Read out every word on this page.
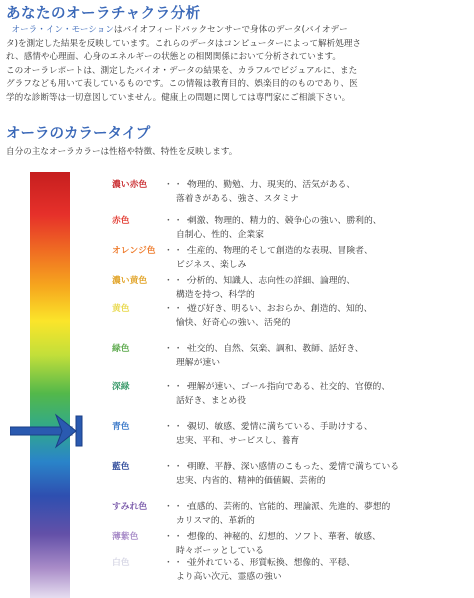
あなたのオーラチャクラ分析

オーラ・イン・モーションはバイオフィードバックセンサーで身体のデータ(バイオデー

タ)を測定した結果を反映しています。これらのデータはコンピューターによって解析処理さ

れ、感情や心理面、心身のエネルギーの状態との相関関係において分析されています。

このオーラレポートは、測定したバイオ・データの結果を、カラフルでビジュアルに、また

グラフなども用いて表しているものです。この情報は教育目的、娯楽目的のものであり、医

学的な診断等は一切意図していません。健康上の問題に関しては専門家にご相談下さい。

オーラのカラータイプ
自分の主なオーラカラーは性格や特徴、特性を反映します。
濃い赤色 ・・・物理的、勤勉、力、現実的、活気がある、
落着きがある、強さ、スタミナ
赤色	・・・刺激、物理的、精力的、競争心の強い、勝利的、
自制心、性的、企業家
オレンジ色 ・・・生産的、物理的そして創造的な表現、冒険者、
ビジネス、楽しみ
濃い黄色 ・・・分析的、知識人、志向性の詳細、論理的、
構造を持つ、科学的
黄色	・・・遊び好き、明るい、おおらか、創造的、知的、
愉快、好奇心の強い、活発的
緑色	・・・社交的、自然、気楽、調和、教師、話好き、
理解が速い
深緑	・・・理解が速い、ゴール指向である、社交的、官僚的、
話好き、まとめ役
青色	・・・親切、敏感、愛情に満ちている、手助けする、
忠実、平和、サービスし、養育
藍色	・・・明瞭、平静、深い感情のこもった、愛情で満ちている
忠実、内省的、精神的価値観、芸術的
すみれ色 ・・・直感的、芸術的、官能的、理論派、先進的、夢想的
カリスマ的、革新的
薄紫色	・・・想像的、神秘的、幻想的、ソフト、華奢、敏感、
時々ボーッとしている
白色	・・・並外れている、形質転換、想像的、平穏、
より高い次元、霊感の強い
